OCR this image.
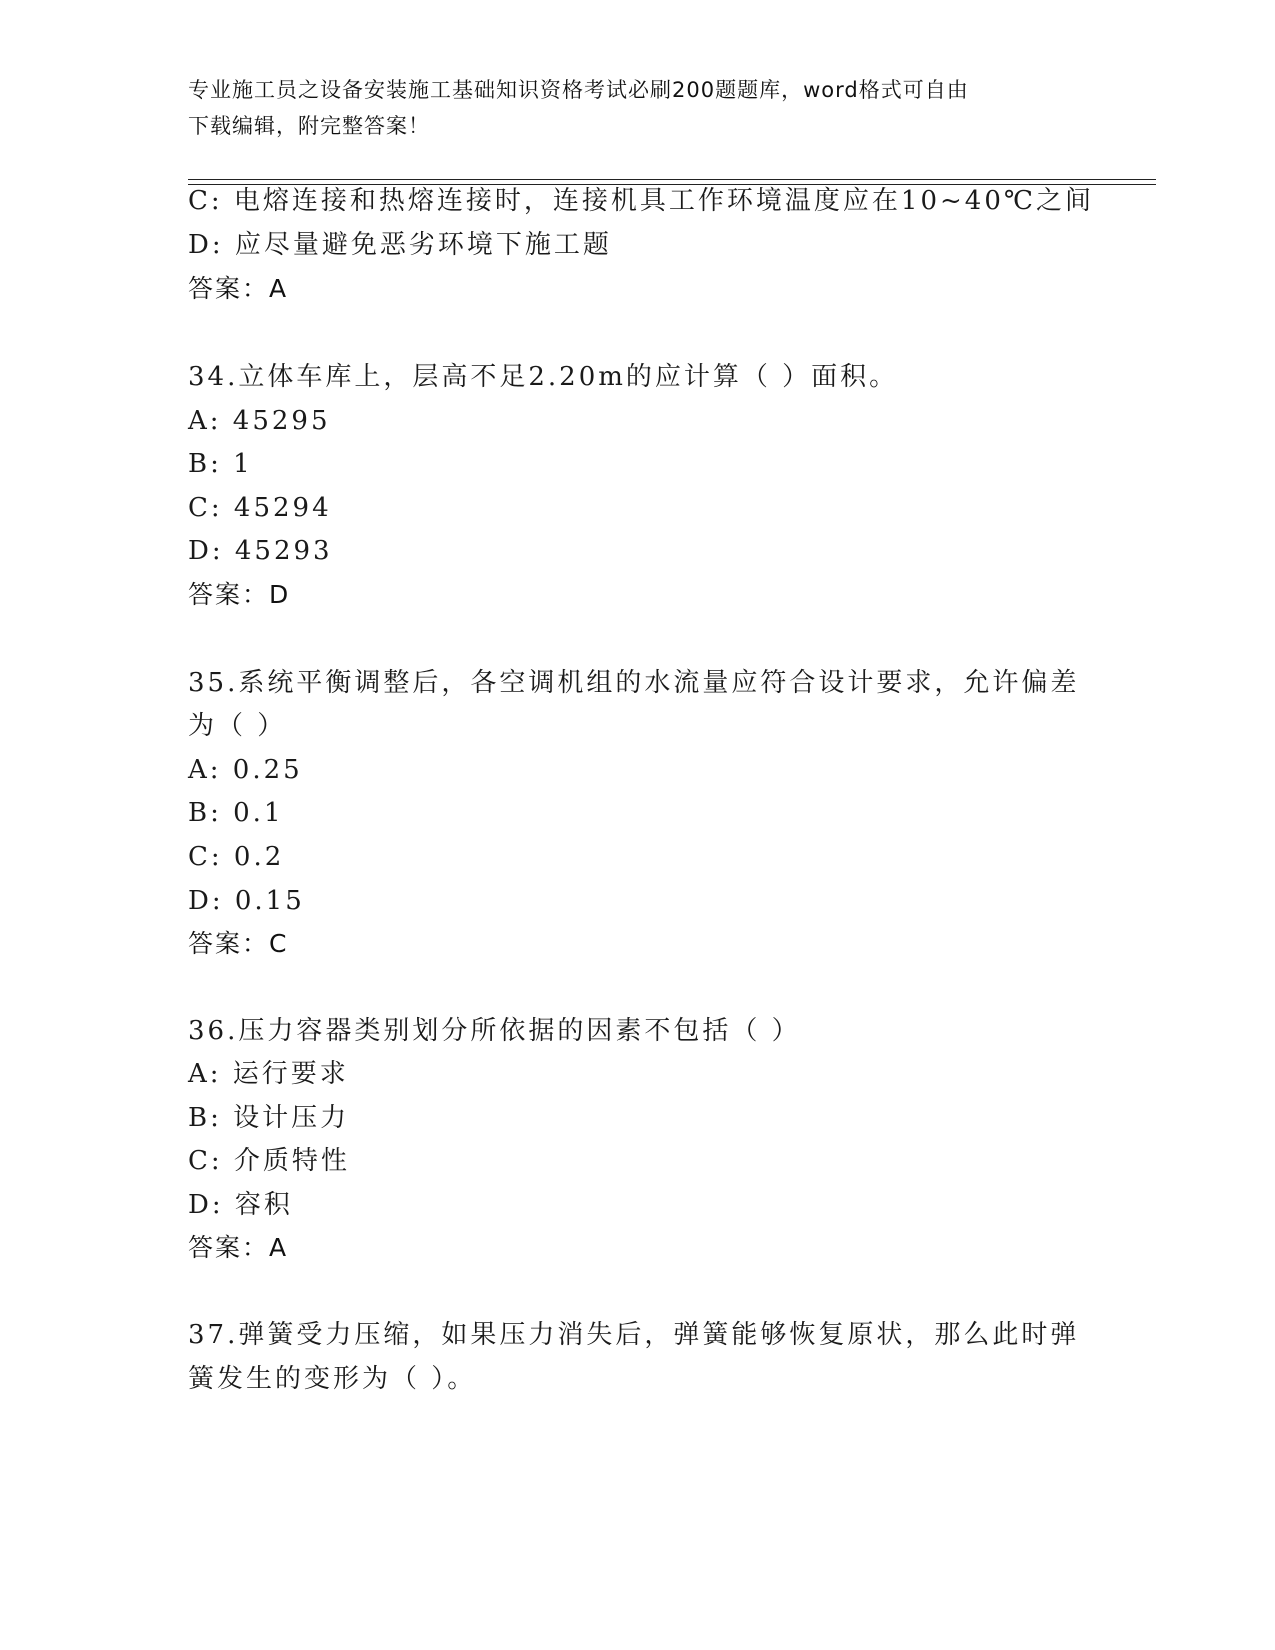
专业施工员之设备安装施工基础知识资格考试必刷200题题库，word格式可自由
下载编辑，附完整答案！
C: 电熔连接和热熔连接时，连接机具工作环境温度应在10~40℃之间
D: 应尽量避免恶劣环境下施工题
答案：A
34.立体车库上，层高不足2.20m的应计算（ ）面积。
A: 45295
B: 1
C: 45294
D: 45293
答案：D
35.系统平衡调整后，各空调机组的水流量应符合设计要求，允许偏差
为（ ）
A: 0.25
B: 0.1
C: 0.2
D: 0.15
答案：C
36.压力容器类别划分所依据的因素不包括（ ）
A: 运行要求
B: 设计压力
C: 介质特性
D: 容积
答案：A
37.弹簧受力压缩，如果压力消失后，弹簧能够恢复原状，那么此时弹
簧发生的变形为（ ）。
